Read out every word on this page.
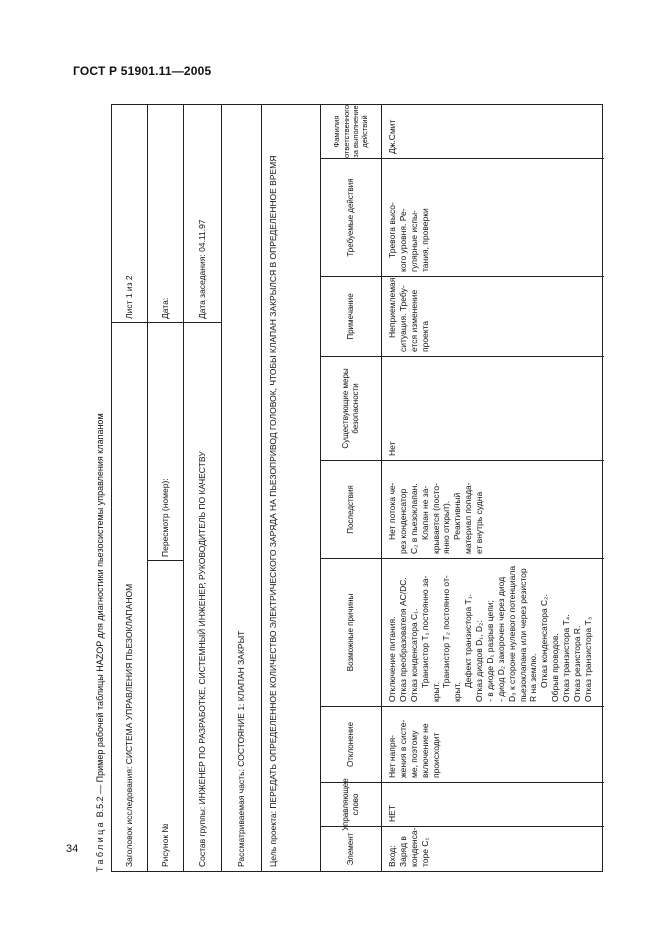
ГОСТ Р 51901.11—2005
Таблица В.5.2 — Пример рабочей таблицы HAZOP для диагностики пьезосистемы управления клапаном
Заголовок исследования:

СИСТЕМА УПРАВЛЕНИЯ ПЬЕЗОКЛАПАНОМ
Лист 1 из 2
Рисунок №
Пересмотр (номер):
Дата:
Состав группы:

ИНЖЕНЕР ПО РАЗРАБОТКЕ, СИСТЕМНЫЙ ИНЖЕНЕР, РУКОВОДИТЕЛЬ ПО КАЧЕСТВУ
Дата заседания:

04.11.97
Рассматриваемая часть:

СОСТОЯНИЕ 1: КЛАПАН ЗАКРЫТ
Цель проекта: ПЕРЕДАТЬ ОПРЕДЕЛЕННОЕ КОЛИЧЕСТВО ЭЛЕКТРИЧЕСКОГО ЗАРЯДА НА ПЬЕЗОПРИВОД ГОЛОВОК, ЧТОБЫ КЛАПАН ЗАКРЫЛСЯ В ОПРЕДЕЛЕННОЕ ВРЕМЯ
Элемент	Вход: Заряд в конденса- торе C₁
Управляющее слово	НЕТ
Отклонение	Нет напря- жения в систе- ме, поэтому включение не происходит
Возможные причины	Отключение питания. Отказ преобразователя AC/DC. Отказ конденсатора C₁. Транзистор T₁ постоянно за-
крыт.
Транзистор T₂ постоянно от-
крыт.
Дефект транзистора T₁. Отказ диодов D₁, D₂: - в диоде D₁ разрыв цепи; - диод D₂ закорочен через диод D₃ к стороне нулевого потенциала пьезоклапана или через резистор R на землю. Отказ конденсатора C₂. Обрыв проводов. Отказ транзистора T₄. Отказ резистора R. Отказ транзистора T₃
Последствия	Нет потока че- рез конденсатор C₂ в пьезоклапан. Клапан не за- крывается (посто- янно открыт). Реактивный материал попада- ет внутрь судна
Существующие меры безопасности
Нет
Примечание	Неприемлемая ситуация. Требу- ется изменение проекта
Требуемые действия	Тревога высо- кого уровня. Ре- гулярные испы- тания, проверки
Фамилия ответственного за выполнение действий	Дж.Смит
34
